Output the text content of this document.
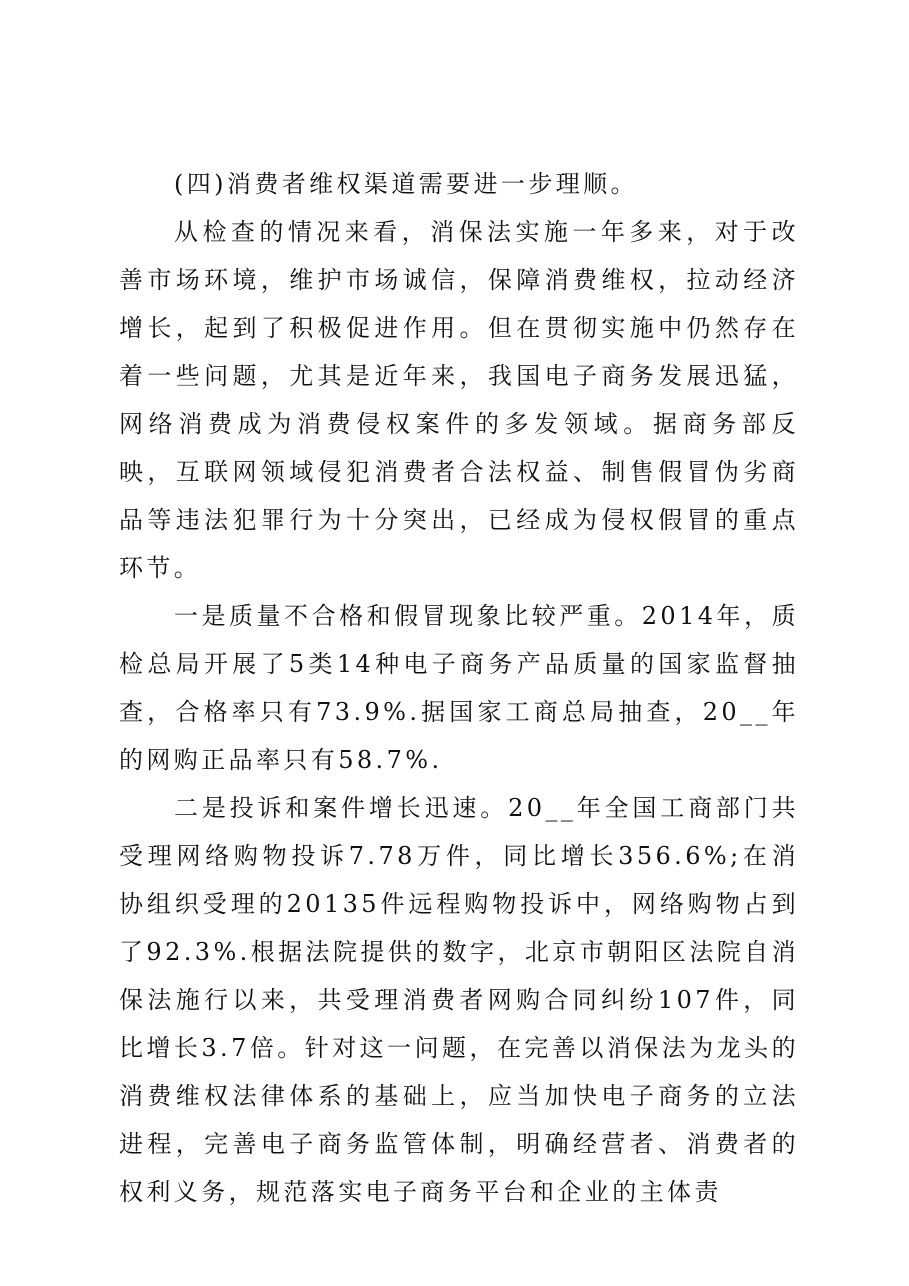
(四)消费者维权渠道需要进一步理顺。

从检查的情况来看，消保法实施一年多来，对于改善市场环境，维护市场诚信，保障消费维权，拉动经济增长，起到了积极促进作用。但在贯彻实施中仍然存在着一些问题，尤其是近年来，我国电子商务发展迅猛，网络消费成为消费侵权案件的多发领域。据商务部反映，互联网领域侵犯消费者合法权益、制售假冒伪劣商品等违法犯罪行为十分突出，已经成为侵权假冒的重点环节。

一是质量不合格和假冒现象比较严重。2014年，质检总局开展了5类14种电子商务产品质量的国家监督抽查，合格率只有73.9%.据国家工商总局抽查，20__年的网购正品率只有58.7%.

二是投诉和案件增长迅速。20__年全国工商部门共受理网络购物投诉7.78万件，同比增长356.6%;在消协组织受理的20135件远程购物投诉中，网络购物占到了92.3%.根据法院提供的数字，北京市朝阳区法院自消保法施行以来，共受理消费者网购合同纠纷107件，同比增长3.7倍。针对这一问题，在完善以消保法为龙头的消费维权法律体系的基础上，应当加快电子商务的立法进程，完善电子商务监管体制，明确经营者、消费者的权利义务，规范落实电子商务平台和企业的主体责
